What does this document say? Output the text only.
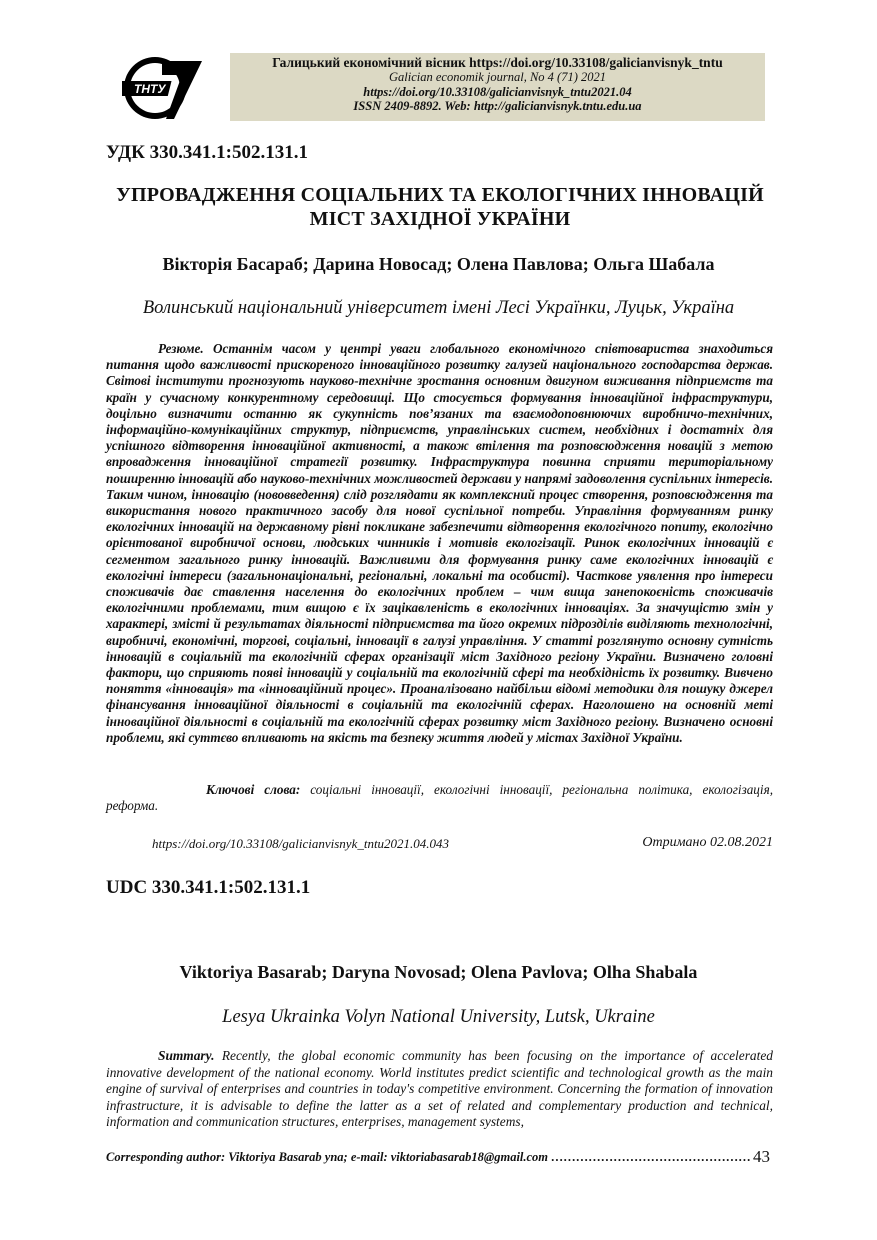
ТНТУ
Галицький економічний вісник https://doi.org/10.33108/galicianvisnyk_tntu
Galician economik journal, No 4 (71) 2021
https://doi.org/10.33108/galicianvisnyk_tntu2021.04
ISSN 2409-8892. Web: http://galicianvisnyk.tntu.edu.ua
УДК 330.341.1:502.131.1
УПРОВАДЖЕННЯ СОЦІАЛЬНИХ ТА ЕКОЛОГІЧНИХ ІННОВАЦІЙ
МІСТ ЗАХІДНОЇ УКРАЇНИ
Вікторія Басараб; Дарина Новосад; Олена Павлова; Ольга Шабала
Волинський національний університет імені Лесі Українки, Луцьк, Україна

Резюме. Останнім часом у центрі уваги глобального економічного співтовариства знаходиться питання щодо важливості прискореного інноваційного розвитку галузей національного господарства держав. Світові інститути прогнозують науково-технічне зростання основним двигуном виживання підприємств та країн у сучасному конкурентному середовищі. Що стосується формування інноваційної інфраструктури, доцільно визначити останню як сукупність пов’язаних та взаємодоповнюючих виробничо-технічних, інформаційно-комунікаційних структур, підприємств, управлінських систем, необхідних і достатніх для успішного відтворення інноваційної активності, а також втілення та розповсюдження новацій з метою впровадження інноваційної стратегії розвитку. Інфраструктура повинна сприяти територіальному поширенню інновацій або науково-технічних можливостей держави у напрямі задоволення суспільних інтересів. Таким чином, інновацію (нововведення) слід розглядати як комплексний процес створення, розповсюдження та використання нового практичного засобу для нової суспільної потреби. Управління формуванням ринку екологічних інновацій на державному рівні покликане забезпечити відтворення екологічного попиту, екологічно орієнтованої виробничої основи, людських чинників і мотивів екологізації. Ринок екологічних інновацій є сегментом загального ринку інновацій. Важливими для формування ринку саме екологічних інновацій є екологічні інтереси (загальнонаціональні, регіональні, локальні та особисті). Часткове уявлення про інтереси споживачів дає ставлення населення до екологічних проблем – чим вища занепокоєність споживачів екологічними проблемами, тим вищою є їх зацікавленість в екологічних інноваціях. За значущістю змін у характері, змісті й результатах діяльності підприємства та його окремих підрозділів виділяють технологічні, виробничі, економічні, торгові, соціальні, інновації в галузі управління. У статті розглянуто основну сутність інновацій в соціальній та екологічній сферах організації міст Західного регіону України. Визначено головні фактори, що сприяють появі інновацій у соціальній та екологічній сфері та необхідність їх розвитку. Вивчено поняття «інновація» та «інноваційний процес». Проаналізовано найбільш відомі методики для пошуку джерел фінансування інноваційної діяльності в соціальній та екологічній сферах. Наголошено на основній меті інноваційної діяльності в соціальній та екологічній сферах розвитку міст Західного регіону. Визначено основні проблеми, які суттєво впливають на якість та безпеку життя людей у містах Західної України.

Ключові слова: соціальні інновації, екологічні інновації, регіональна політика, екологізація, реформа.

https://doi.org/10.33108/galicianvisnyk_tntu2021.04.043	Отримано 02.08.2021
UDC 330.341.1:502.131.1
Viktoriya Basarab; Daryna Novosad; Olena Pavlova; Olha Shabala
Lesya Ukrainka Volyn National University, Lutsk, Ukraine

Summary. Recently, the global economic community has been focusing on the importance of accelerated innovative development of the national economy. World institutes predict scientific and technological growth as the main engine of survival of enterprises and countries in today's competitive environment. Concerning the formation of innovation infrastructure, it is advisable to define the latter as a set of related and complementary production and technical, information and communication structures, enterprises, management systems,

Corresponding author: Viktoriya Basarab уna; e-mail: viktoriabasarab18@gmail.com ………………………………………… 43
